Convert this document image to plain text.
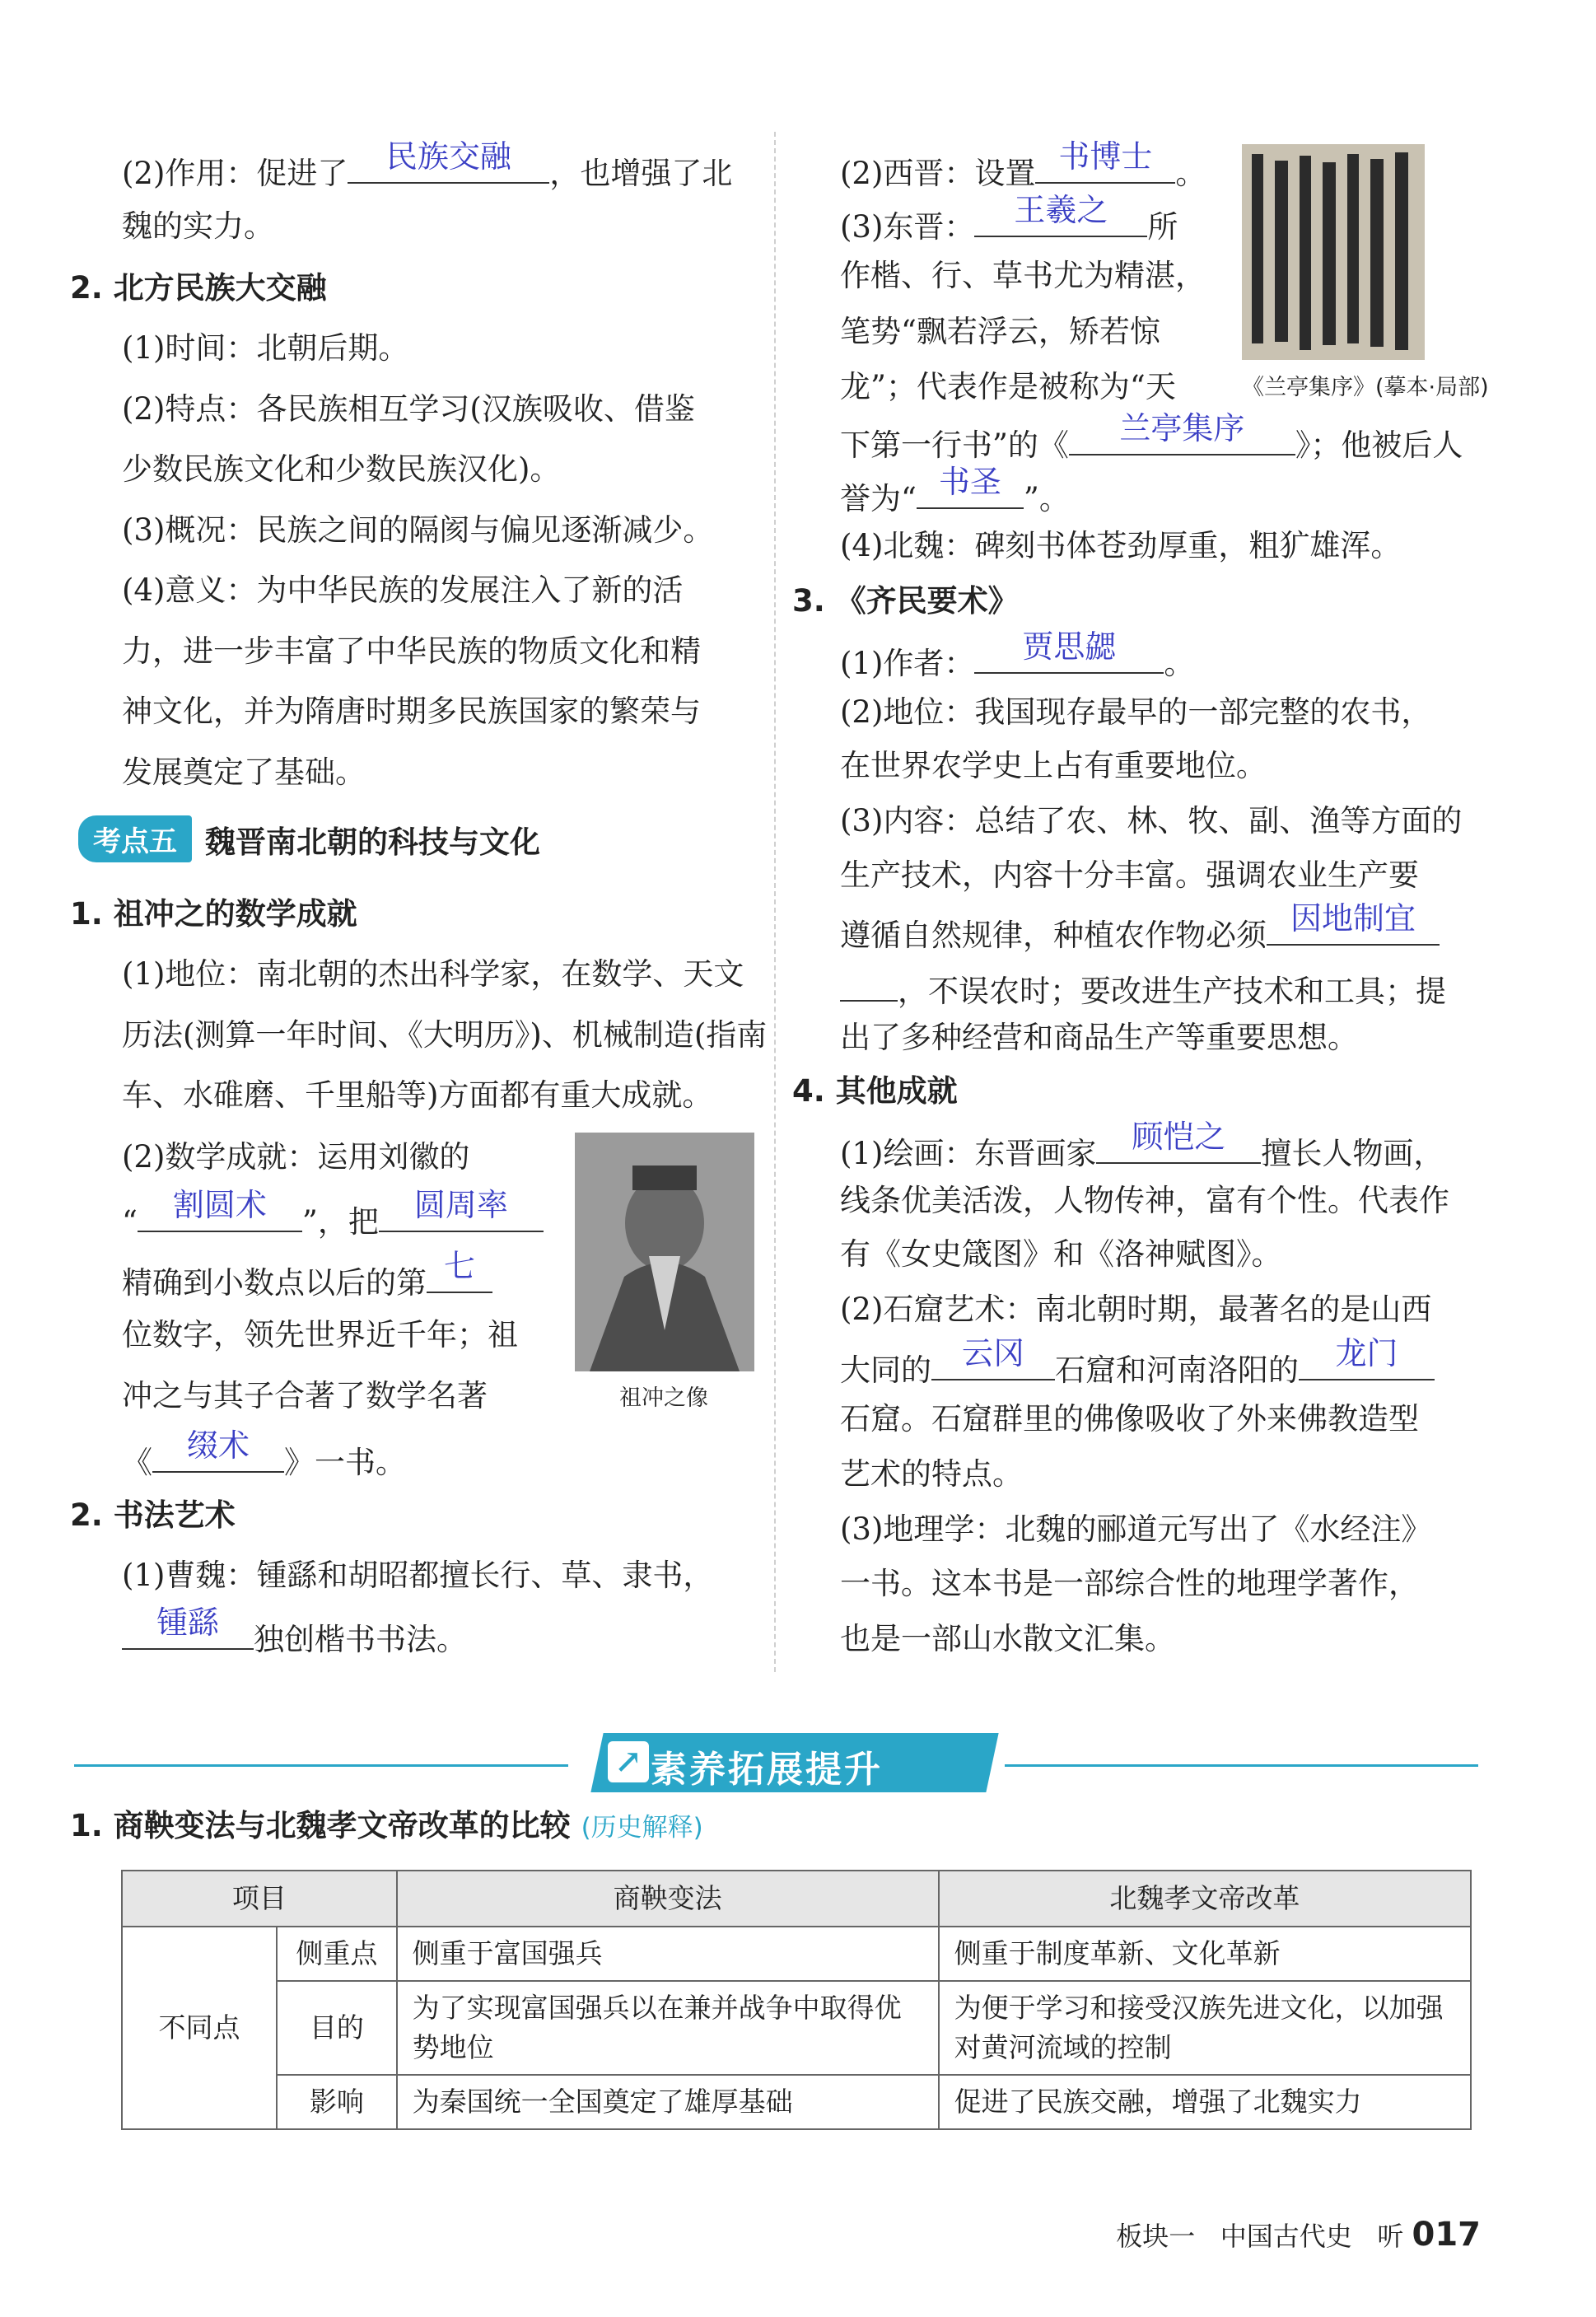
(2)作用：促进了	民族交融	，也增强了北
魏的实力。
2. 北方民族大交融
(1)时间：北朝后期。
(2)特点：各民族相互学习(汉族吸收、借鉴
少数民族文化和少数民族汉化)。
(3)概况：民族之间的隔阂与偏见逐渐减少。
(4)意义：为中华民族的发展注入了新的活
力，进一步丰富了中华民族的物质文化和精
神文化，并为隋唐时期多民族国家的繁荣与
发展奠定了基础。
考点五 魏晋南北朝的科技与文化
1. 祖冲之的数学成就
(1)地位：南北朝的杰出科学家，在数学、天文
历法(测算一年时间、《大明历》)、机械制造(指南
车、水碓磨、千里船等)方面都有重大成就。
(2)数学成就：运用刘徽的
“	割圆术	”，把	圆周率
精确到小数点以后的第 七
位数字，领先世界近千年；祖
冲之与其子合著了数学名著
《	缀术	》一书。
祖冲之像
2. 书法艺术
(1)曹魏：锺繇和胡昭都擅长行、草、隶书，
锺繇	独创楷书书法。
(2)西晋：设置 书博士 。
(3)东晋：	王羲之	所
作楷、行、草书尤为精湛，
笔势“飘若浮云，矫若惊
龙”；代表作是被称为“天	《兰亭集序》(摹本·局部)
下第一行书”的《	兰亭集序	》；他被后人
誉为“ 书圣 ”。
(4)北魏：碑刻书体苍劲厚重，粗犷雄浑。
3. 《齐民要术》
(1)作者：	贾思勰	。
(2)地位：我国现存最早的一部完整的农书，
在世界农学史上占有重要地位。
(3)内容：总结了农、林、牧、副、渔等方面的
生产技术，内容十分丰富。强调农业生产要
遵循自然规律，种植农作物必须 因地制宜
，不误农时；要改进生产技术和工具；提
出了多种经营和商品生产等重要思想。
4. 其他成就
(1)绘画：东晋画家	顾恺之	擅长人物画，
线条优美活泼，人物传神，富有个性。代表作
有《女史箴图》和《洛神赋图》。
(2)石窟艺术：南北朝时期，最著名的是山西
大同的 云冈	石窟和河南洛阳的	龙门
石窟。石窟群里的佛像吸收了外来佛教造型
艺术的特点。
(3)地理学：北魏的郦道元写出了《水经注》
一书。这本书是一部综合性的地理学著作，
也是一部山水散文汇集。
↗ 素养拓展提升
1. 商鞅变法与北魏孝文帝改革的比较 (历史解释)
项目		商鞅变法	北魏孝文帝改革
不同点	侧重点	侧重于富国强兵	侧重于制度革新、文化革新
	目的	为了实现富国强兵以在兼并战争中取得优势地位	为便于学习和接受汉族先进文化，以加强对黄河流域的控制
	影响	为秦国统一全国奠定了雄厚基础	促进了民族交融，增强了北魏实力
板块一 中国古代史 听 017
